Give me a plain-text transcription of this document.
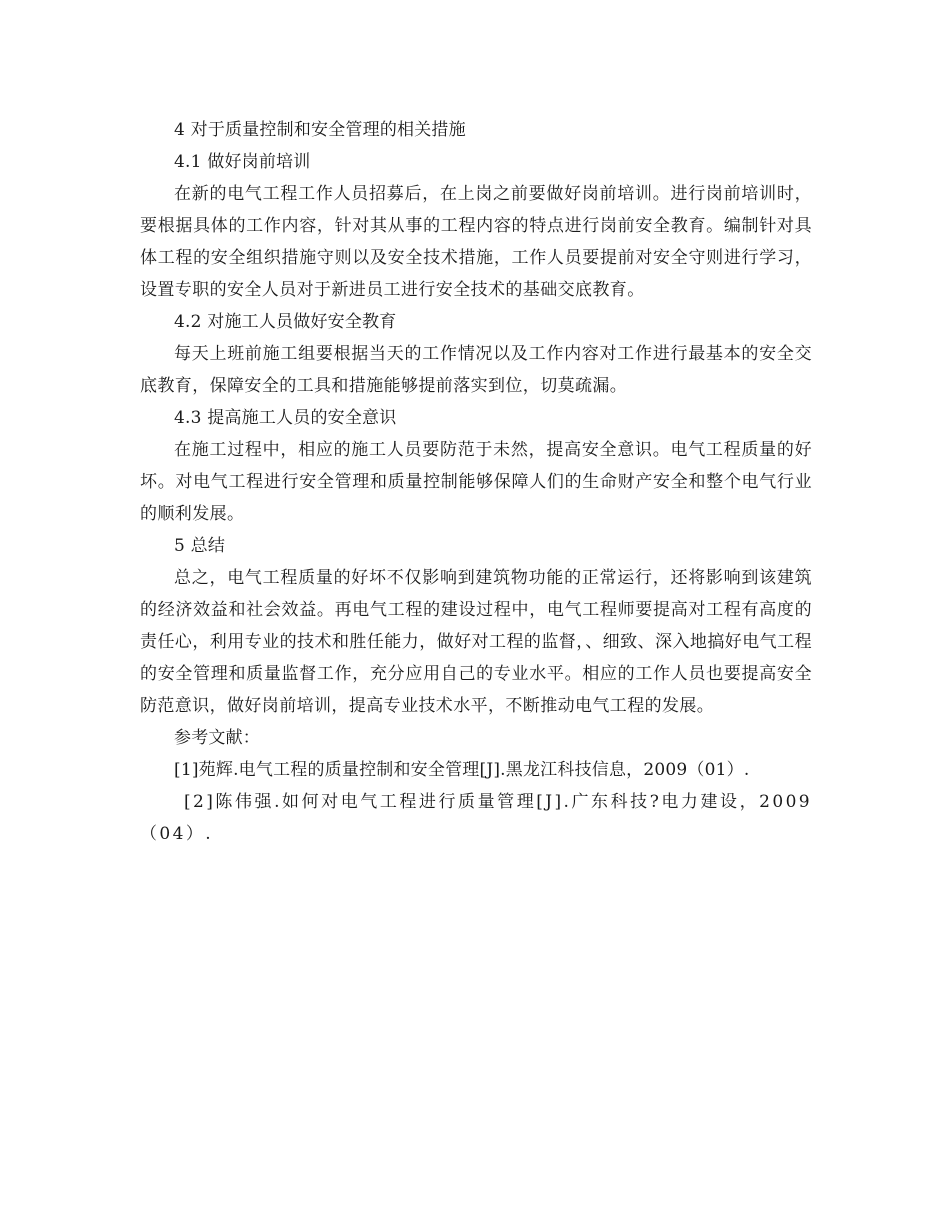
4 对于质量控制和安全管理的相关措施

4.1 做好岗前培训

在新的电气工程工作人员招募后，在上岗之前要做好岗前培训。进行岗前培训时，要根据具体的工作内容，针对其从事的工程内容的特点进行岗前安全教育。编制针对具体工程的安全组织措施守则以及安全技术措施，工作人员要提前对安全守则进行学习，设置专职的安全人员对于新进员工进行安全技术的基础交底教育。

4.2 对施工人员做好安全教育

每天上班前施工组要根据当天的工作情况以及工作内容对工作进行最基本的安全交底教育，保障安全的工具和措施能够提前落实到位，切莫疏漏。

4.3 提高施工人员的安全意识

在施工过程中，相应的施工人员要防范于未然，提高安全意识。电气工程质量的好坏。对电气工程进行安全管理和质量控制能够保障人们的生命财产安全和整个电气行业的顺利发展。

5 总结

总之，电气工程质量的好坏不仅影响到建筑物功能的正常运行，还将影响到该建筑的经济效益和社会效益。再电气工程的建设过程中，电气工程师要提高对工程有高度的责任心，利用专业的技术和胜任能力，做好对工程的监督，、细致、深入地搞好电气工程的安全管理和质量监督工作，充分应用自己的专业水平。相应的工作人员也要提高安全防范意识，做好岗前培训，提高专业技术水平，不断推动电气工程的发展。

参考文献：

[1]苑辉.电气工程的质量控制和安全管理[J].黑龙江科技信息，2009（01）.

[2]陈伟强.如何对电气工程进行质量管理[J].广东科技?电力建设，2009（04）.
